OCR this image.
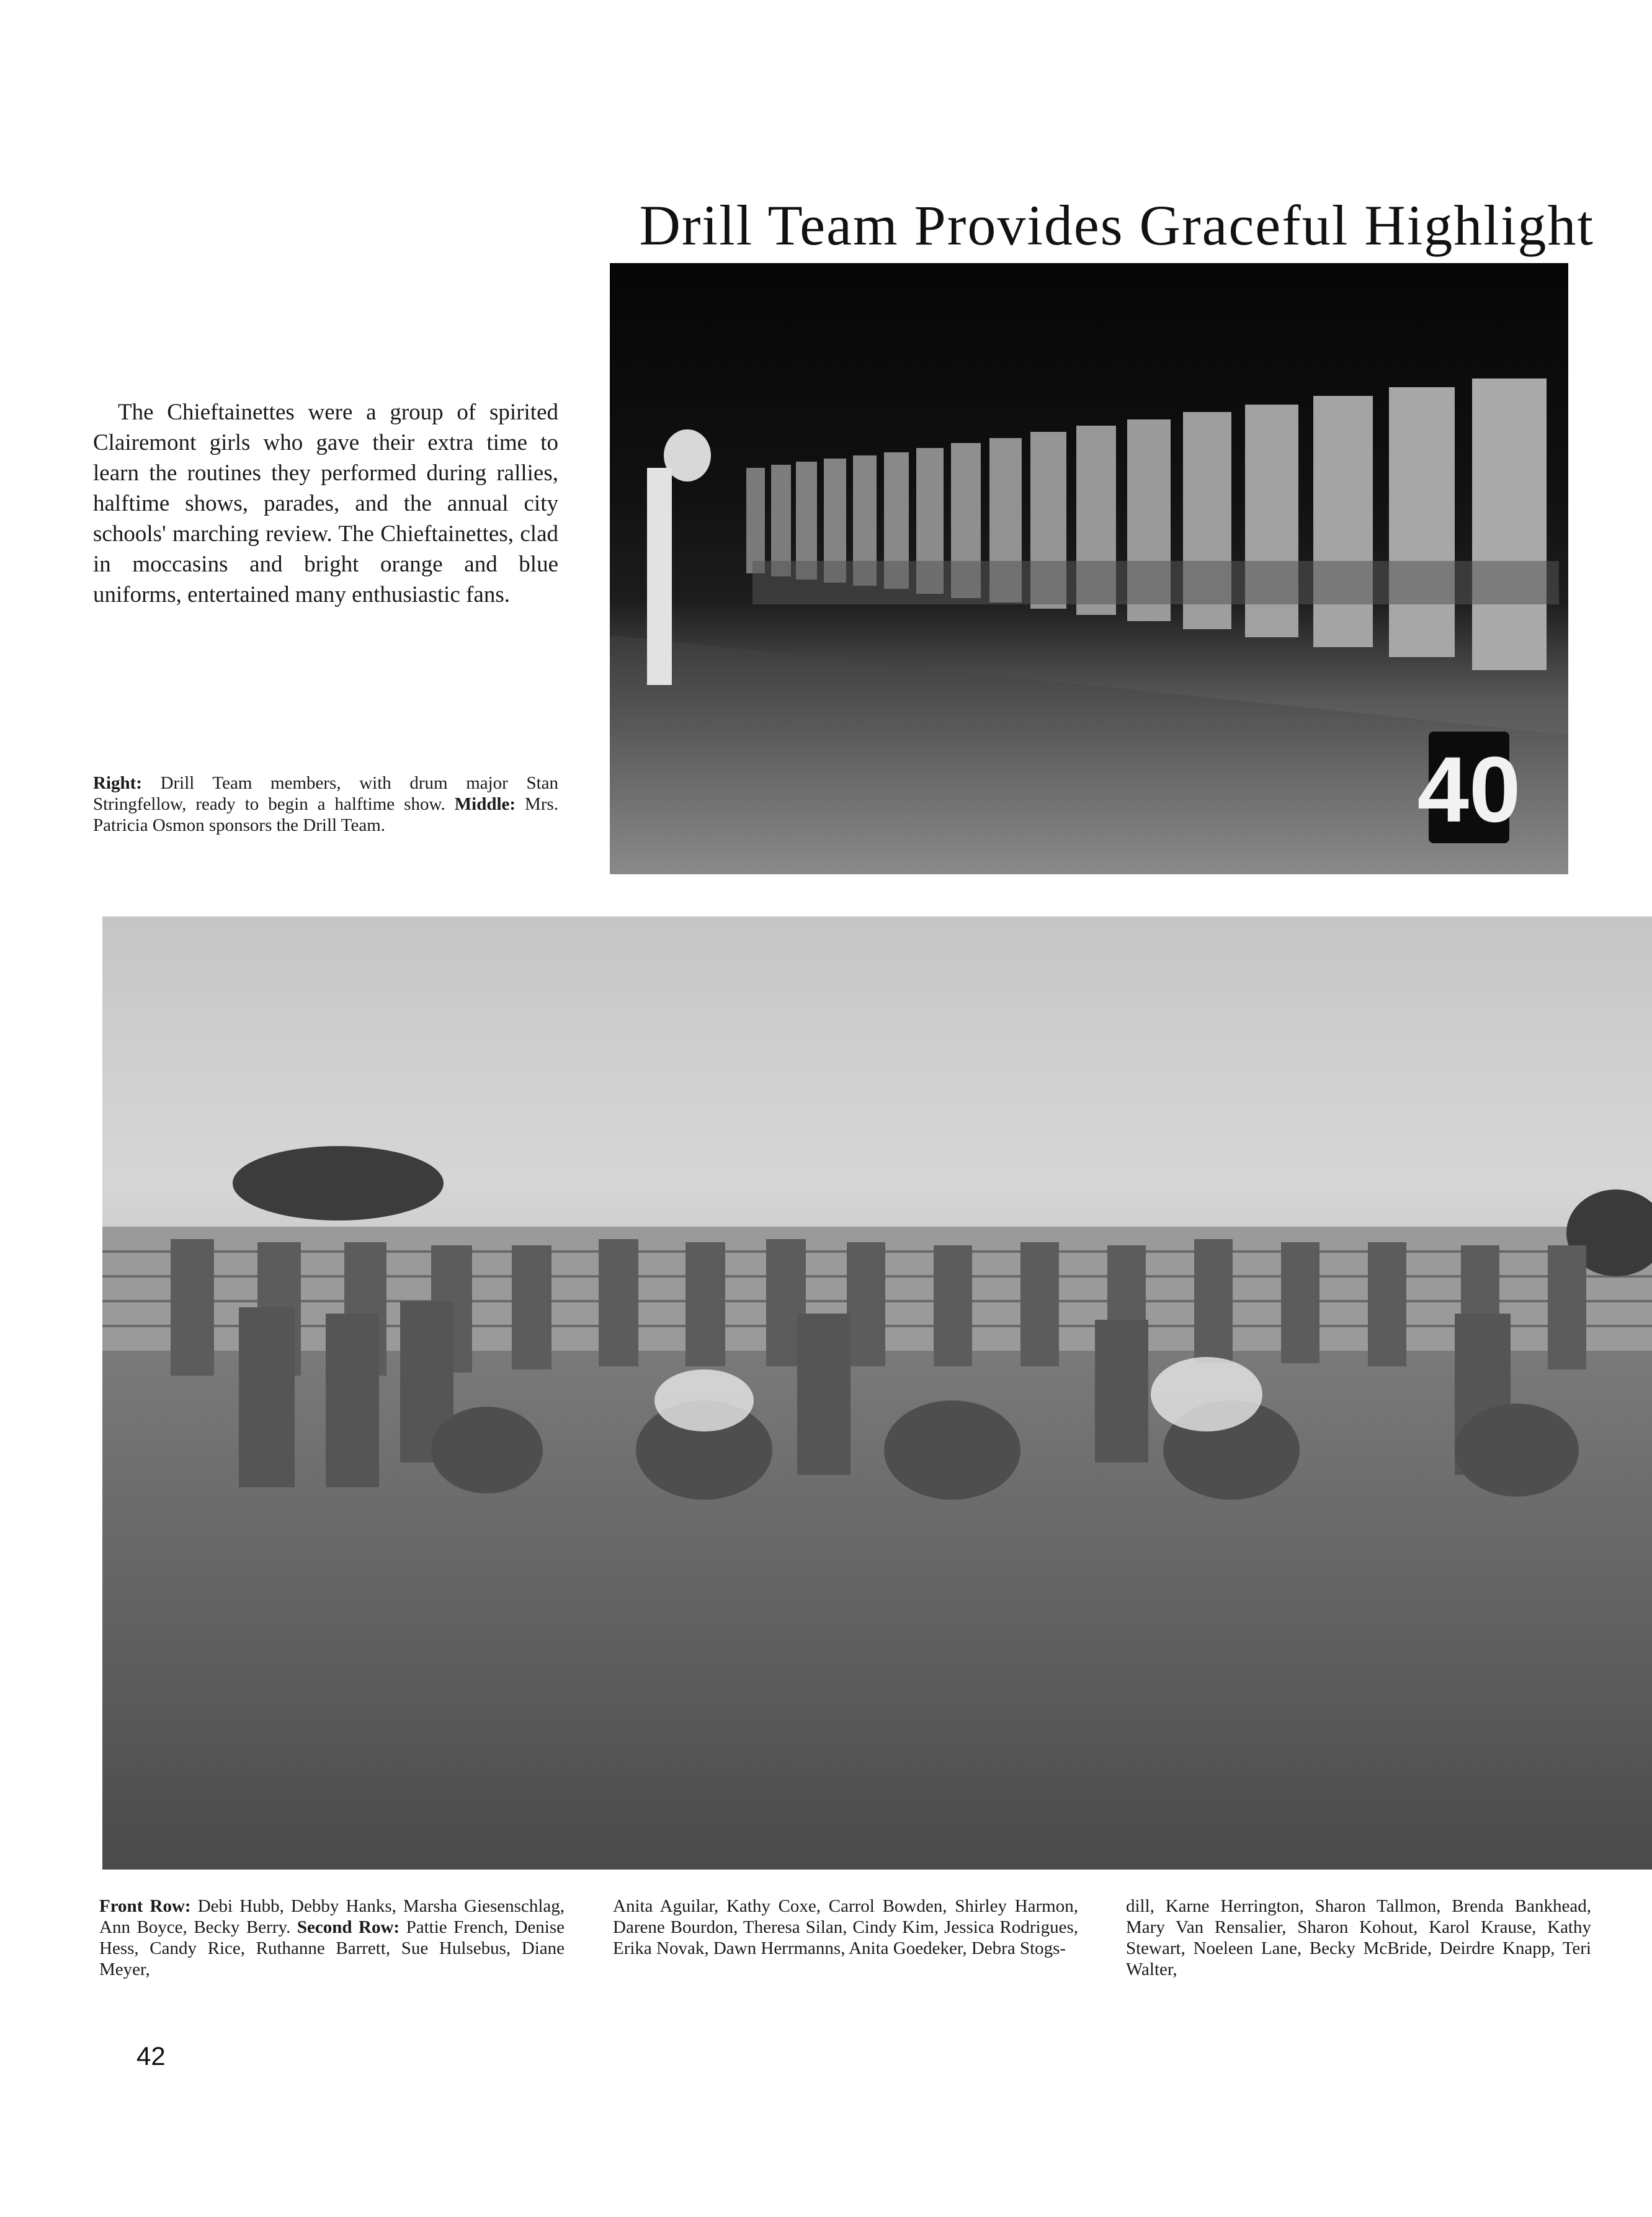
Drill Team Provides Graceful Highlight

The Chieftainettes were a group of spirited Clairemont girls who gave their extra time to learn the routines they performed during rallies, halftime shows, parades, and the annual city schools' marching review. The Chieftainettes, clad in moccasins and bright orange and blue uniforms, entertained many enthusiastic fans.

Right: Drill Team members, with drum major Stan Stringfellow, ready to begin a halftime show. Middle: Mrs. Patricia Osmon sponsors the Drill Team.	40
Front Row: Debi Hubb, Debby Hanks, Marsha Giesenschlag, Ann Boyce, Becky Berry. Second Row: Pattie French, Denise Hess, Candy Rice, Ruthanne Barrett, Sue Hulsebus, Diane Meyer,
Anita Aguilar, Kathy Coxe, Carrol Bowden, Shirley Harmon, Darene Bourdon, Theresa Silan, Cindy Kim, Jessica Rodrigues, Erika Novak, Dawn Herrmanns, Anita Goedeker, Debra Stogs-
dill, Karne Herrington, Sharon Tallmon, Brenda Bankhead, Mary Van Rensalier, Sharon Kohout, Karol Krause, Kathy Stewart, Noeleen Lane, Becky McBride, Deirdre Knapp, Teri Walter,
42
